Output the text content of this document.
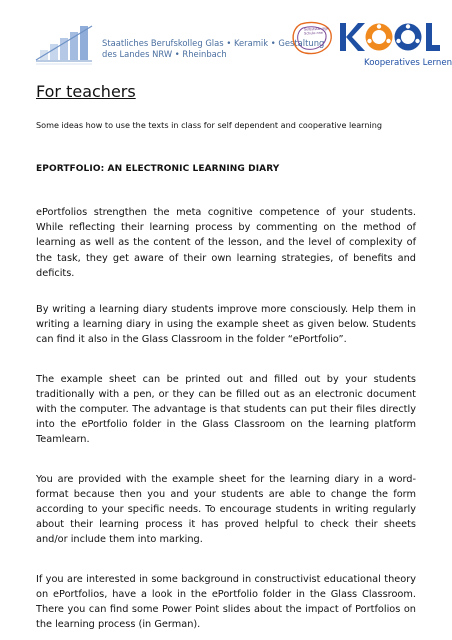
Staatliches Berufskolleg Glas • Keramik • Gestaltung
des Landes NRW • Rheinbach
Selbstständige
Schule.nrw
Kooperatives Lernen
For teachers

Some ideas how to use the texts in class for self dependent and cooperative learning

EPORTFOLIO: AN ELECTRONIC LEARNING DIARY

ePortfolios strengthen the meta cognitive competence of your students. While reflecting their learning process by commenting on the method of learning as well as the content of the lesson, and the level of complexity of the task, they get aware of their own learning strategies, of benefits and deficits.

By writing a learning diary students improve more consciously. Help them in writing a learning diary in using the example sheet as given below. Students can find it also in the Glass Classroom in the folder “ePortfolio”.

The example sheet can be printed out and filled out by your students traditionally with a pen, or they can be filled out as an electronic document with the computer. The advantage is that students can put their files directly into the ePortfolio folder in the Glass Classroom on the learning platform Teamlearn.

You are provided with the example sheet for the learning diary in a word-format because then you and your students are able to change the form according to your specific needs. To encourage students in writing regularly about their learning process it has proved helpful to check their sheets and/or include them into marking.

If you are interested in some background in constructivist educational theory on ePortfolios, have a look in the ePortfolio folder in the Glass Classroom. There you can find some Power Point slides about the impact of Portfolios on the learning process (in German).
